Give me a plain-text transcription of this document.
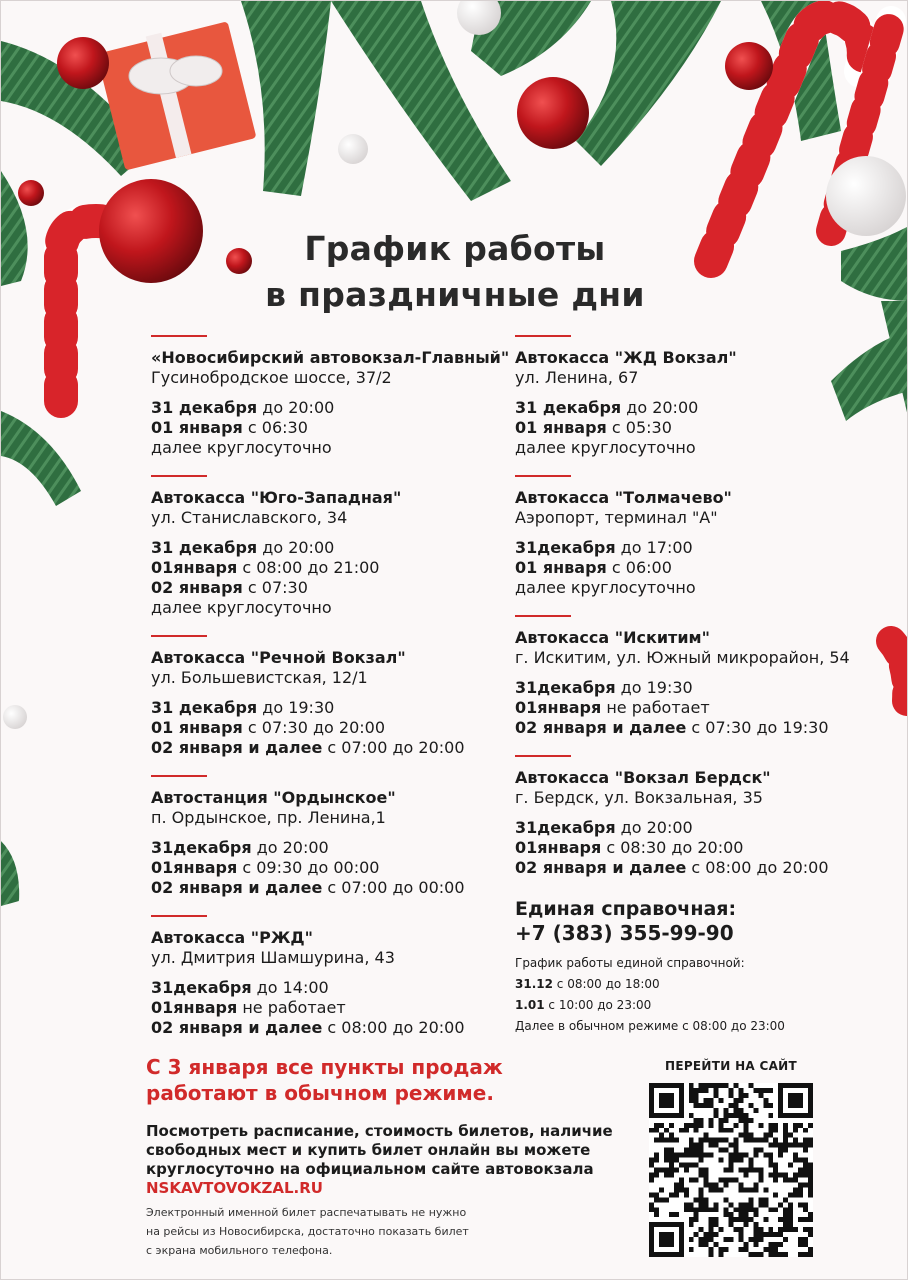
График работы
в праздничные дни
«Новосибирский автовокзал-Главный"
Гусинобродское шоссе, 37/2
31 декабря до 20:00
01 января с 06:30
далее круглосуточно
Автокасса "Юго-Западная"
ул. Станиславского, 34
31 декабря до 20:00
01января с 08:00 до 21:00
02 января с 07:30
далее круглосуточно
Автокасса "Речной Вокзал"
ул. Большевистская, 12/1
31 декабря до 19:30
01 января с 07:30 до 20:00
02 января и далее с 07:00 до 20:00
Автостанция "Ордынское"
п. Ордынское, пр. Ленина,1
31декабря до 20:00
01января с 09:30 до 00:00
02 января и далее с 07:00 до 00:00
Автокасса "РЖД"
ул. Дмитрия Шамшурина, 43
31декабря до 14:00
01января не работает
02 января и далее с 08:00 до 20:00
Автокасса "ЖД Вокзал"
ул. Ленина, 67
31 декабря до 20:00
01 января с 05:30
далее круглосуточно
Автокасса "Толмачево"
Аэропорт, терминал "А"
31декабря до 17:00
01 января с 06:00
далее круглосуточно
Автокасса "Искитим"
г. Искитим, ул. Южный микрорайон, 54
31декабря до 19:30
01января не работает
02 января и далее с 07:30 до 19:30
Автокасса "Вокзал Бердск"
г. Бердск, ул. Вокзальная, 35
31декабря до 20:00
01января с 08:30 до 20:00
02 января и далее с 08:00 до 20:00
Единая справочная:
+7 (383) 355-99-90
График работы единой справочной:
31.12 с 08:00 до 18:00
1.01 с 10:00 до 23:00
Далее в обычном режиме с 08:00 до 23:00
С 3 января все пункты продаж работают в обычном режиме.
Посмотреть расписание, стоимость билетов, наличие свободных мест и купить билет онлайн вы можете круглосуточно на официальном сайте автовокзала NSKAVTOVOKZAL.RU
Электронный именной билет распечатывать не нужно
на рейсы из Новосибирска, достаточно показать билет
с экрана мобильного телефона.
ПЕРЕЙТИ НА САЙТ
